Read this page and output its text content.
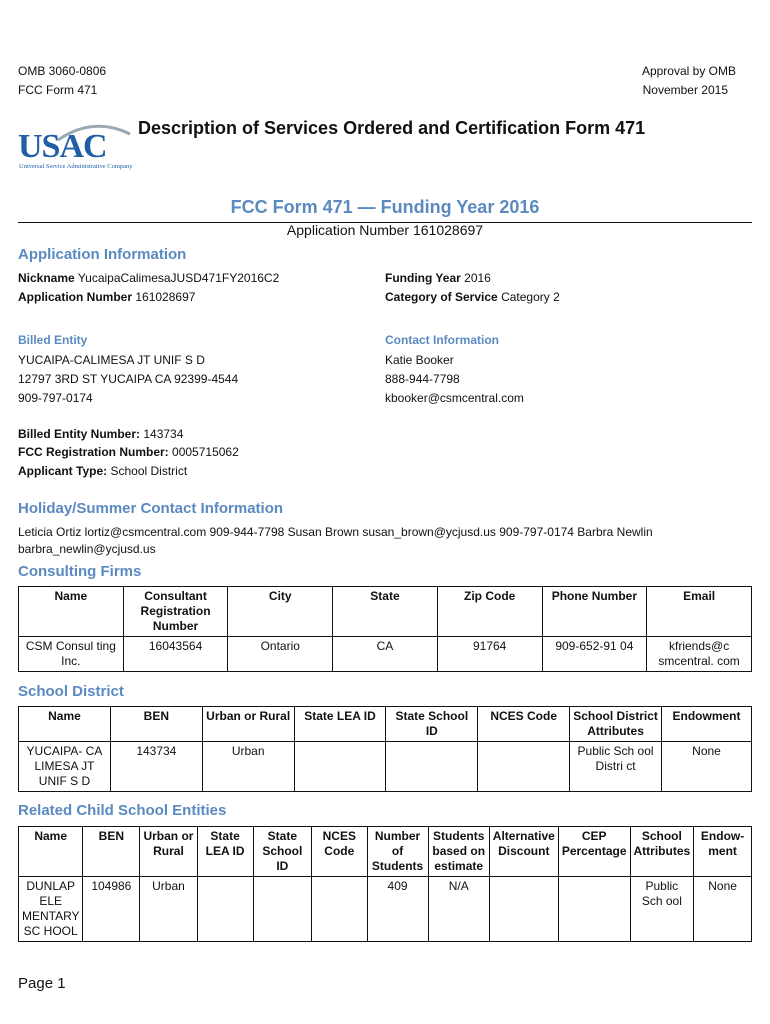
OMB 3060-0806
FCC Form 471
Approval by OMB
November 2015
USAC
Universal Service Administrative Company
Description of Services Ordered and Certification Form 471
FCC Form 471 — Funding Year 2016
Application Number 161028697
Application Information
Nickname YucaipaCalimesaJUSD471FY2016C2
Application Number 161028697
Funding Year 2016
Category of Service Category 2
Billed Entity
YUCAIPA-CALIMESA JT UNIF S D
12797 3RD ST YUCAIPA CA 92399-4544
909-797-0174
Contact Information
Katie Booker
888-944-7798
kbooker@csmcentral.com
Billed Entity Number: 143734
FCC Registration Number: 0005715062
Applicant Type: School District
Holiday/Summer Contact Information
Leticia Ortiz lortiz@csmcentral.com 909-944-7798 Susan Brown susan_brown@ycjusd.us 909-797-0174 Barbra Newlin
barbra_newlin@ycjusd.us
Consulting Firms
Name	Consultant Registration Number	City	State	Zip Code	Phone Number	Email
CSM Consul ting Inc.	16043564	Ontario	CA	91764	909-652-91 04	kfriends@c smcentral. com
School District
Name	BEN	Urban or Rural	State LEA ID	State School ID	NCES Code	School District Attributes	Endowment
YUCAIPA- CA LIMESA JT UNIF S D	143734	Urban				Public Sch ool Distri ct	None
Related Child School Entities
Name	BEN	Urban or Rural	State LEA ID	State School ID	NCES Code	Number of Students	Students based on estimate	Alternative Discount	CEP Percentage	School Attributes	Endow- ment
DUNLAP ELE MENTARY SC HOOL	104986	Urban				409	N/A			Public Sch ool	None
Page 1
